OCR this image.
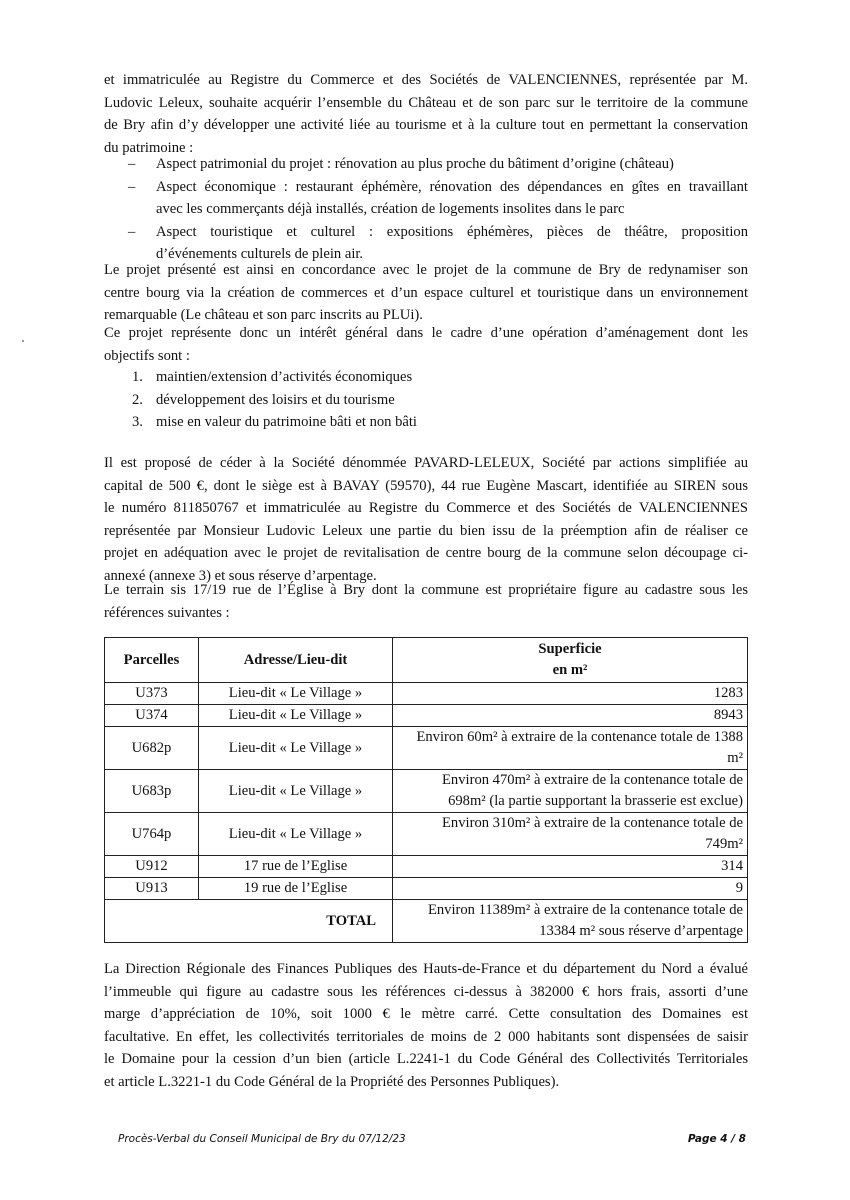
et immatriculée au Registre du Commerce et des Sociétés de VALENCIENNES, représentée par M.
Ludovic Leleux, souhaite acquérir l’ensemble du Château et de son parc sur le territoire de la commune
de Bry afin d’y développer une activité liée au tourisme et à la culture tout en permettant la conservation
du patrimoine :
– Aspect patrimonial du projet : rénovation au plus proche du bâtiment d’origine (château)
– Aspect économique : restaurant éphémère, rénovation des dépendances en gîtes en travaillant
avec les commerçants déjà installés, création de logements insolites dans le parc
– Aspect touristique et culturel : expositions éphémères, pièces de théâtre, proposition
d’événements culturels de plein air.
Le projet présenté est ainsi en concordance avec le projet de la commune de Bry de redynamiser son
centre bourg via la création de commerces et d’un espace culturel et touristique dans un environnement
remarquable (Le château et son parc inscrits au PLUi).
Ce projet représente donc un intérêt général dans le cadre d’une opération d’aménagement dont les
objectifs sont :
1. maintien/extension d’activités économiques
2. développement des loisirs et du tourisme
3. mise en valeur du patrimoine bâti et non bâti
Il est proposé de céder à la Société dénommée PAVARD-LELEUX, Société par actions simplifiée au
capital de 500 €, dont le siège est à BAVAY (59570), 44 rue Eugène Mascart, identifiée au SIREN sous
le numéro 811850767 et immatriculée au Registre du Commerce et des Sociétés de VALENCIENNES
représentée par Monsieur Ludovic Leleux une partie du bien issu de la préemption afin de réaliser ce
projet en adéquation avec le projet de revitalisation de centre bourg de la commune selon découpage ci-
annexé (annexe 3) et sous réserve d’arpentage.
Le terrain sis 17/19 rue de l’Église à Bry dont la commune est propriétaire figure au cadastre sous les
références suivantes :
Parcelles	Adresse/Lieu-dit	Superficie
en m²

U373	Lieu-dit « Le Village »	1283

U374	Lieu-dit « Le Village »	8943

U682p	Lieu-dit « Le Village »	Environ 60m² à extraire de la contenance totale de 1388
m²

U683p	Lieu-dit « Le Village »	Environ 470m² à extraire de la contenance totale de
698m² (la partie supportant la brasserie est exclue)

U764p	Lieu-dit « Le Village »	Environ 310m² à extraire de la contenance totale de
749m²

U912	17 rue de l’Eglise	314

U913	19 rue de l’Eglise	9

TOTAL		Environ 11389m² à extraire de la contenance totale de
13384 m² sous réserve d’arpentage
La Direction Régionale des Finances Publiques des Hauts-de-France et du département du Nord a évalué
l’immeuble qui figure au cadastre sous les références ci-dessus à 382000 € hors frais, assorti d’une
marge d’appréciation de 10%, soit 1000 € le mètre carré. Cette consultation des Domaines est
facultative. En effet, les collectivités territoriales de moins de 2 000 habitants sont dispensées de saisir
le Domaine pour la cession d’un bien (article L.2241-1 du Code Général des Collectivités Territoriales
et article L.3221-1 du Code Général de la Propriété des Personnes Publiques).
Procès-Verbal du Conseil Municipal de Bry du 07/12/23	Page 4 / 8
